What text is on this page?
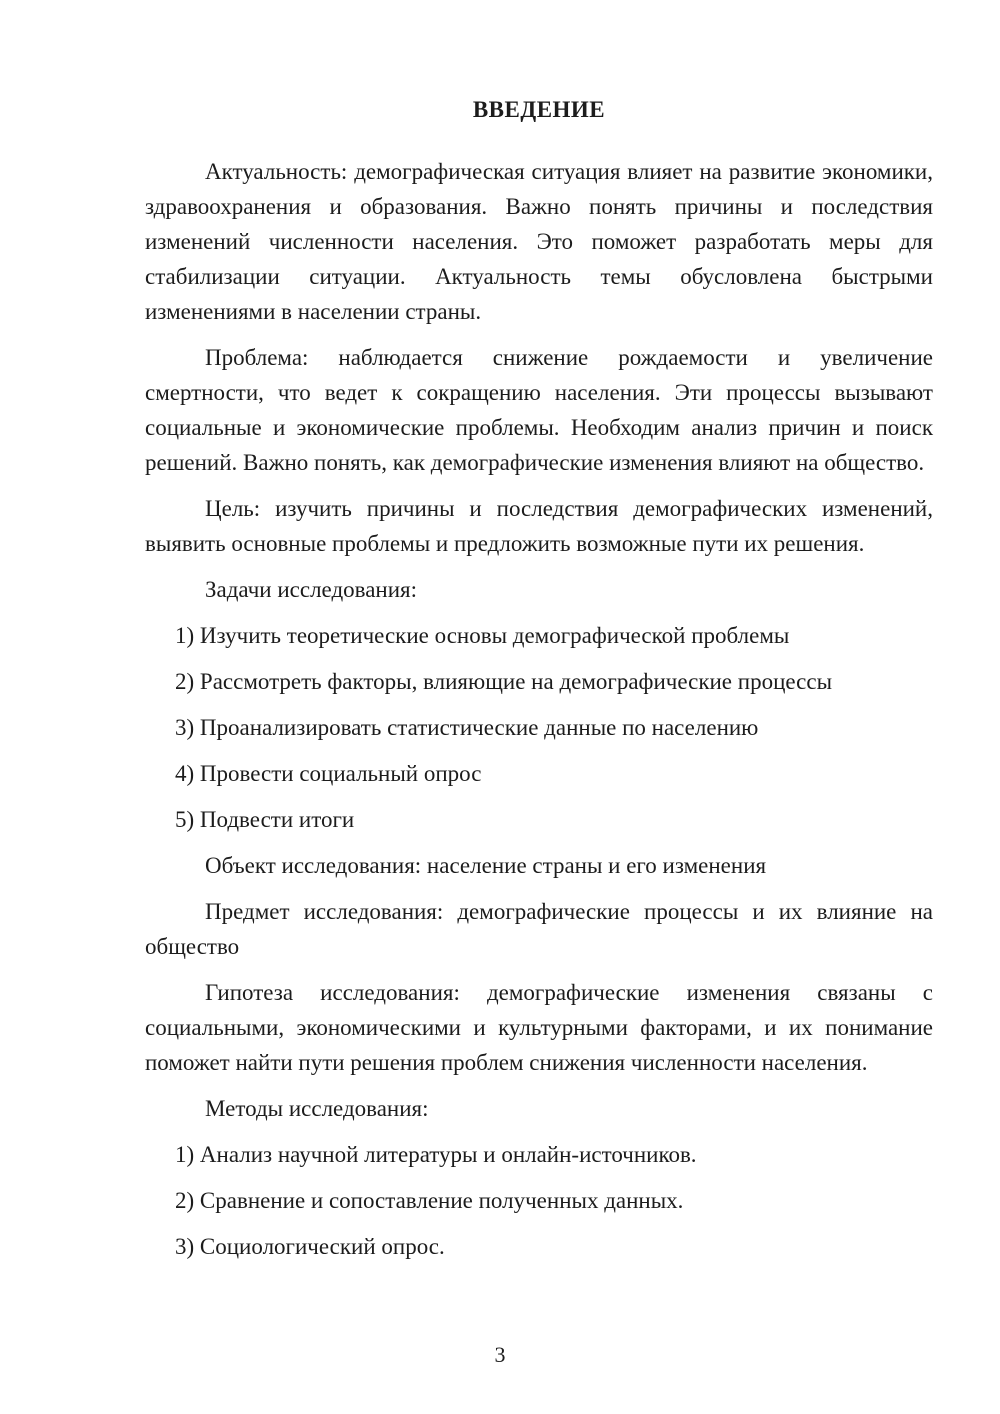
ВВЕДЕНИЕ

Актуальность: демографическая ситуация влияет на развитие экономики, здравоохранения и образования. Важно понять причины и последствия изменений численности населения. Это поможет разработать меры для стабилизации ситуации. Актуальность темы обусловлена быстрыми изменениями в населении страны.

Проблема: наблюдается снижение рождаемости и увеличение смертности, что ведет к сокращению населения. Эти процессы вызывают социальные и экономические проблемы. Необходим анализ причин и поиск решений. Важно понять, как демографические изменения влияют на общество.

Цель: изучить причины и последствия демографических изменений, выявить основные проблемы и предложить возможные пути их решения.

Задачи исследования:

1) Изучить теоретические основы демографической проблемы

2) Рассмотреть факторы, влияющие на демографические процессы

3) Проанализировать статистические данные по населению

4) Провести социальный опрос

5) Подвести итоги

Объект исследования: население страны и его изменения

Предмет исследования: демографические процессы и их влияние на общество

Гипотеза исследования: демографические изменения связаны с социальными, экономическими и культурными факторами, и их понимание поможет найти пути решения проблем снижения численности населения.

Методы исследования:

1) Анализ научной литературы и онлайн-источников.

2) Сравнение и сопоставление полученных данных.

3) Социологический опрос.

3
